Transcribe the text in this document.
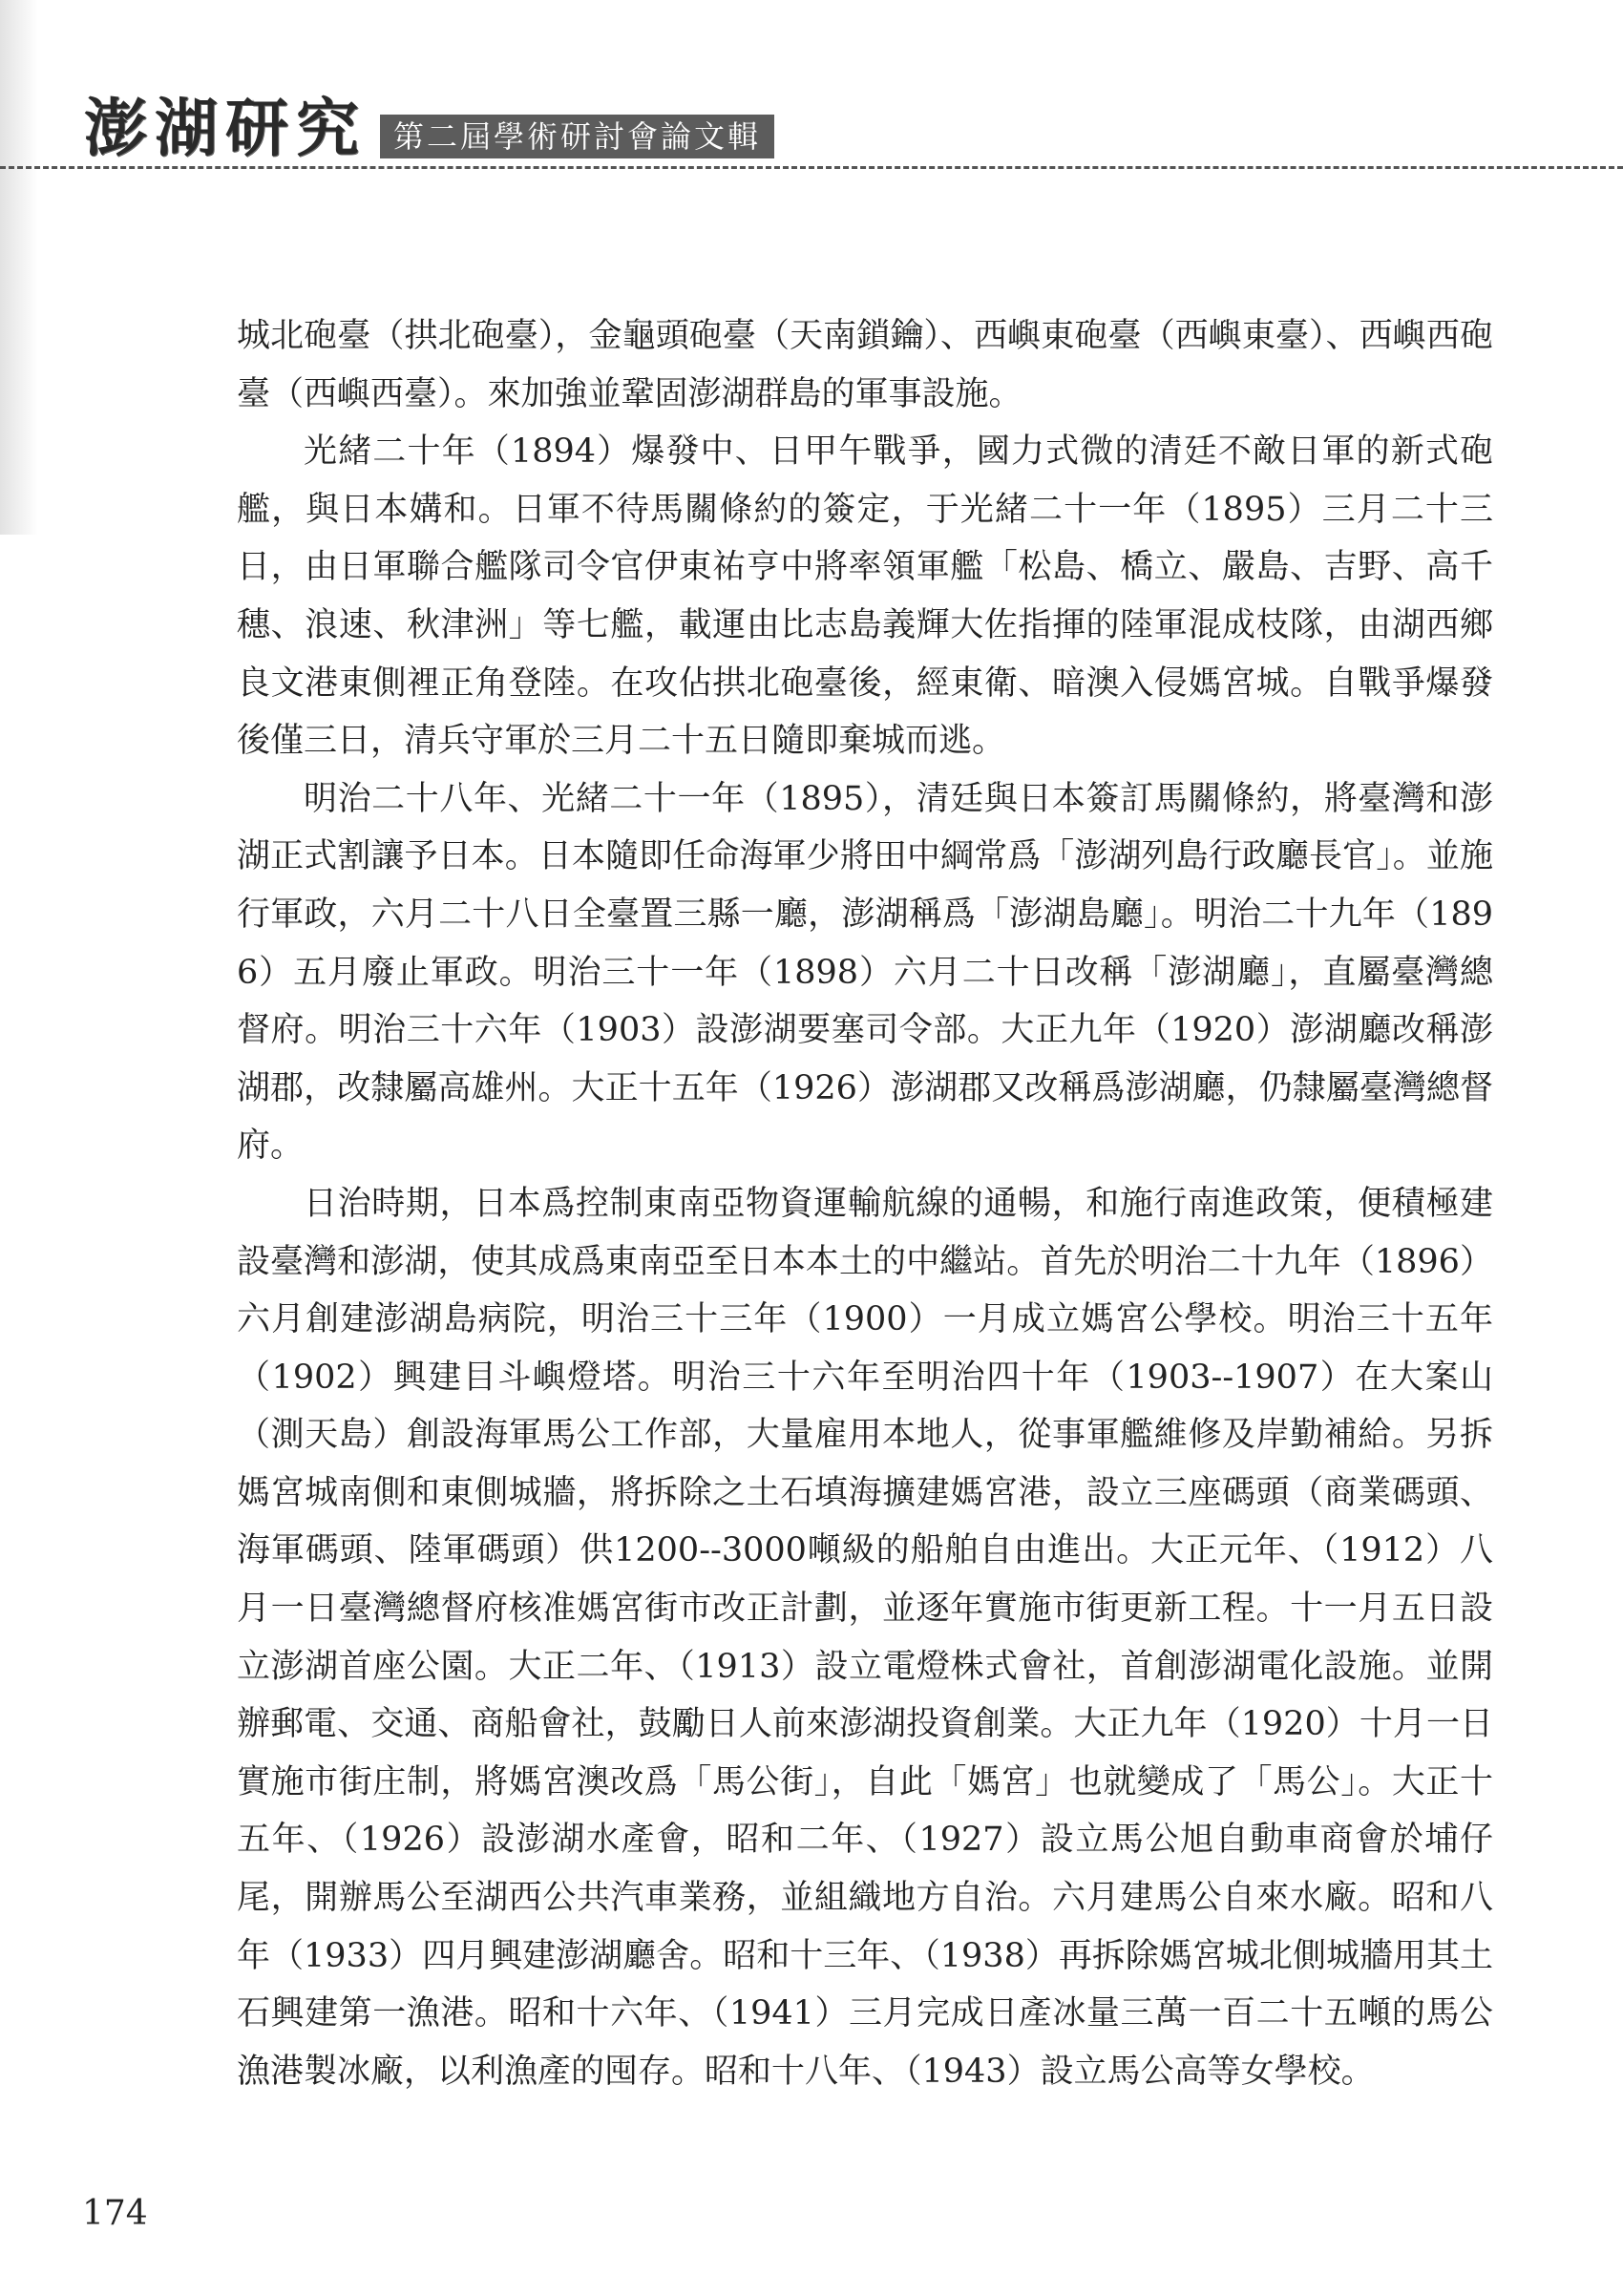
澎湖研究 第二屆學術研討會論文輯

城北砲臺（拱北砲臺），金龜頭砲臺（天南鎖鑰）、西嶼東砲臺（西嶼東臺）、西嶼西砲臺（西嶼西臺）。來加強並鞏固澎湖群島的軍事設施。

光緒二十年（1894）爆發中、日甲午戰爭，國力式微的清廷不敵日軍的新式砲艦，與日本媾和。日軍不待馬關條約的簽定，于光緒二十一年（1895）三月二十三日，由日軍聯合艦隊司令官伊東祐亨中將率領軍艦「松島、橋立、嚴島、吉野、高千穗、浪速、秋津洲」等七艦，載運由比志島義輝大佐指揮的陸軍混成枝隊，由湖西鄉良文港東側裡正角登陸。在攻佔拱北砲臺後，經東衛、暗澳入侵媽宮城。自戰爭爆發後僅三日，清兵守軍於三月二十五日隨即棄城而逃。

明治二十八年、光緒二十一年（1895），清廷與日本簽訂馬關條約，將臺灣和澎湖正式割讓予日本。日本隨即任命海軍少將田中綱常爲「澎湖列島行政廳長官」。並施行軍政，六月二十八日全臺置三縣一廳，澎湖稱爲「澎湖島廳」。明治二十九年（1896）五月廢止軍政。明治三十一年（1898）六月二十日改稱「澎湖廳」，直屬臺灣總督府。明治三十六年（1903）設澎湖要塞司令部。大正九年（1920）澎湖廳改稱澎湖郡，改隸屬高雄州。大正十五年（1926）澎湖郡又改稱爲澎湖廳，仍隸屬臺灣總督府。

日治時期，日本爲控制東南亞物資運輸航線的通暢，和施行南進政策，便積極建設臺灣和澎湖，使其成爲東南亞至日本本土的中繼站。首先於明治二十九年（1896）六月創建澎湖島病院，明治三十三年（1900）一月成立媽宮公學校。明治三十五年（1902）興建目斗嶼燈塔。明治三十六年至明治四十年（1903--1907）在大案山（測天島）創設海軍馬公工作部，大量雇用本地人，從事軍艦維修及岸勤補給。另拆媽宮城南側和東側城牆，將拆除之土石填海擴建媽宮港，設立三座碼頭（商業碼頭、海軍碼頭、陸軍碼頭）供1200--3000噸級的船舶自由進出。大正元年、（1912）八月一日臺灣總督府核准媽宮街市改正計劃，並逐年實施市街更新工程。十一月五日設立澎湖首座公園。大正二年、（1913）設立電燈株式會社，首創澎湖電化設施。並開辦郵電、交通、商船會社，鼓勵日人前來澎湖投資創業。大正九年（1920）十月一日實施市街庄制，將媽宮澳改爲「馬公街」，自此「媽宮」也就變成了「馬公」。大正十五年、（1926）設澎湖水產會，昭和二年、（1927）設立馬公旭自動車商會於埔仔尾，開辦馬公至湖西公共汽車業務，並組織地方自治。六月建馬公自來水廠。昭和八年（1933）四月興建澎湖廳舍。昭和十三年、（1938）再拆除媽宮城北側城牆用其土石興建第一漁港。昭和十六年、（1941）三月完成日產冰量三萬一百二十五噸的馬公漁港製冰廠，以利漁產的囤存。昭和十八年、（1943）設立馬公高等女學校。

174
